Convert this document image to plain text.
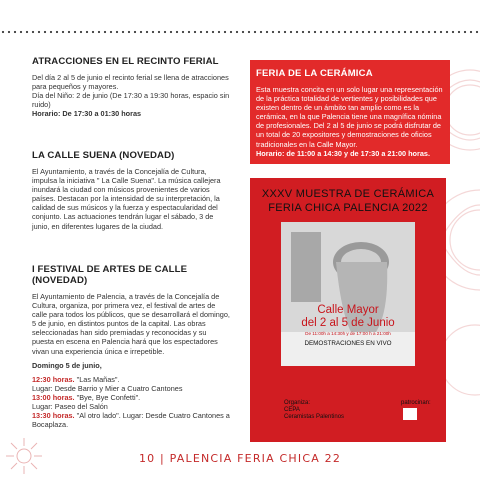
ATRACCIONES EN EL RECINTO FERIAL
Del día 2 al 5 de junio el recinto ferial se llena de atracciones para pequeños y mayores.
Día del Niño: 2 de junio (De 17:30 a 19:30 horas, espacio sin ruido)
Horario: De 17:30 a 01:30 horas
LA CALLE SUENA (NOVEDAD)
El Ayuntamiento, a través de la Concejalía de Cultura, impulsa la iniciativa " La Calle Suena". La música callejera inundará la ciudad con músicos provenientes de varios países. Destacan por la intensidad de su interpretación, la calidad de sus músicos y la fuerza y espectacularidad del conjunto. Las actuaciones tendrán lugar el sábado, 3 de junio, en diferentes lugares de la ciudad.
I FESTIVAL DE ARTES DE CALLE (NOVEDAD)
El Ayuntamiento de Palencia, a través de la Concejalía de Cultura, organiza, por primera vez, el festival de artes de calle para todos los públicos, que se desarrollará el domingo, 5 de junio, en distintos puntos de la capital. Las obras seleccionadas han sido premiadas y reconocidas y su puesta en escena en Palencia hará que los espectadores vivan una experiencia única e irrepetible.
Domingo 5 de junio,
12:30 horas. "Las Mañas".
Lugar: Desde Barrio y Mier a Cuatro Cantones
13:00 horas. "Bye, Bye Confetti".
Lugar: Paseo del Salón
13:30 horas. "Al otro lado". Lugar: Desde Cuatro Cantones a Bocaplaza.
FERIA DE LA CERÁMICA
Esta muestra concita en un solo lugar una representación de la práctica totalidad de vertientes y posibilidades que existen dentro de un ámbito tan amplio como es la cerámica, en la que Palencia tiene una magnífica nómina de profesionales. Del 2 al 5 de junio se podrá disfrutar de un total de 20 expositores y demostraciones de oficios tradicionales en la Calle Mayor.
Horario: de 11:00 a 14:30 y de 17:30 a 21:00 horas.
XXXV MUESTRA DE CERÁMICA
FERIA CHICA PALENCIA 2022
Calle Mayor
del 2 al 5 de Junio
De 11:00h a 14:30h y de 17:00 h a 21:00h
DEMOSTRACIONES EN VIVO
Organiza:
CEPA
Ceramistas Palentinos
patrocinan:
10 | PALENCIA FERIA CHICA 22
